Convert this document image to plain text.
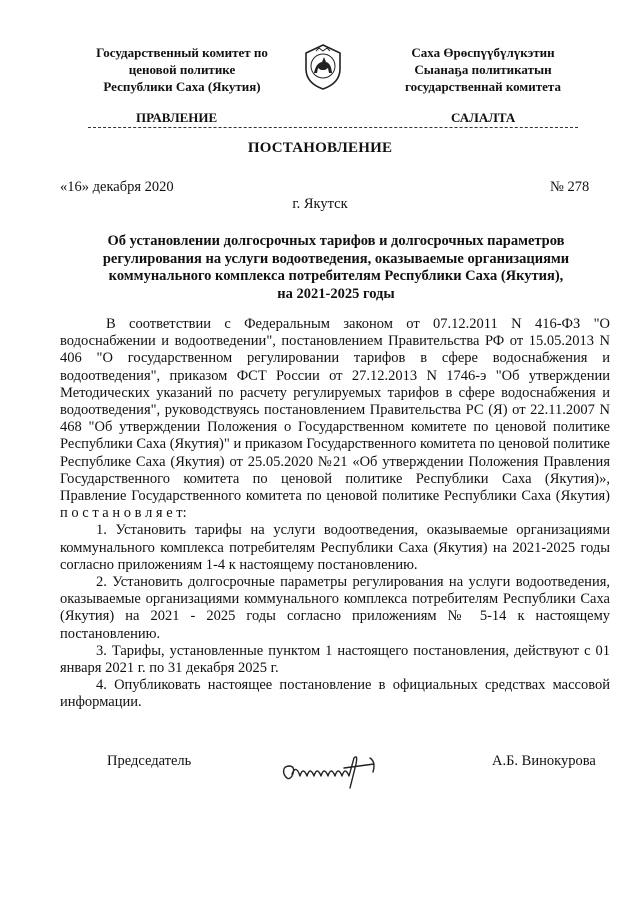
Государственный комитет по
ценовой политике
Республики Саха (Якутия)
Саха Өрөспүүбүлүкэтин
Сыанаҕа политикатын
государственнай комитета
ПРАВЛЕНИЕ	САЛАЛТА
ПОСТАНОВЛЕНИЕ
«16» декабря 2020	№ 278
г. Якутск
Об установлении долгосрочных тарифов и долгосрочных параметров
регулирования на услуги водоотведения, оказываемые организациями
коммунального комплекса потребителям Республики Саха (Якутия),
на 2021-2025 годы

В соответствии с Федеральным законом от 07.12.2011 N 416-ФЗ "О водоснабжении и водоотведении", постановлением Правительства РФ от 15.05.2013 N 406 "О государственном регулировании тарифов в сфере водоснабжения и водоотведения", приказом ФСТ России от 27.12.2013 N 1746-э "Об утверждении Методических указаний по расчету регулируемых тарифов в сфере водоснабжения и водоотведения", руководствуясь постановлением Правительства РС (Я) от 22.11.2007 N 468 "Об утверждении Положения о Государственном комитете по ценовой политике Республики Саха (Якутия)" и приказом Государственного комитета по ценовой политике Республике Саха (Якутия) от 25.05.2020 №21 «Об утверждении Положения Правления Государственного комитета по ценовой политике Республики Саха (Якутия)», Правление Государственного комитета по ценовой политике Республики Саха (Якутия) п о с т а н о в л я е т:

1. Установить тарифы на услуги водоотведения, оказываемые организациями коммунального комплекса потребителям Республики Саха (Якутия) на 2021-2025 годы согласно приложениям 1-4 к настоящему постановлению.

2. Установить долгосрочные параметры регулирования на услуги водоотведения, оказываемые организациями коммунального комплекса потребителям Республики Саха (Якутия) на 2021 - 2025 годы согласно приложениям № 5-14 к настоящему постановлению.

3. Тарифы, установленные пунктом 1 настоящего постановления, действуют с 01 января 2021 г. по 31 декабря 2025 г.

4. Опубликовать настоящее постановление в официальных средствах массовой информации.

Председатель	А.Б. Винокурова
